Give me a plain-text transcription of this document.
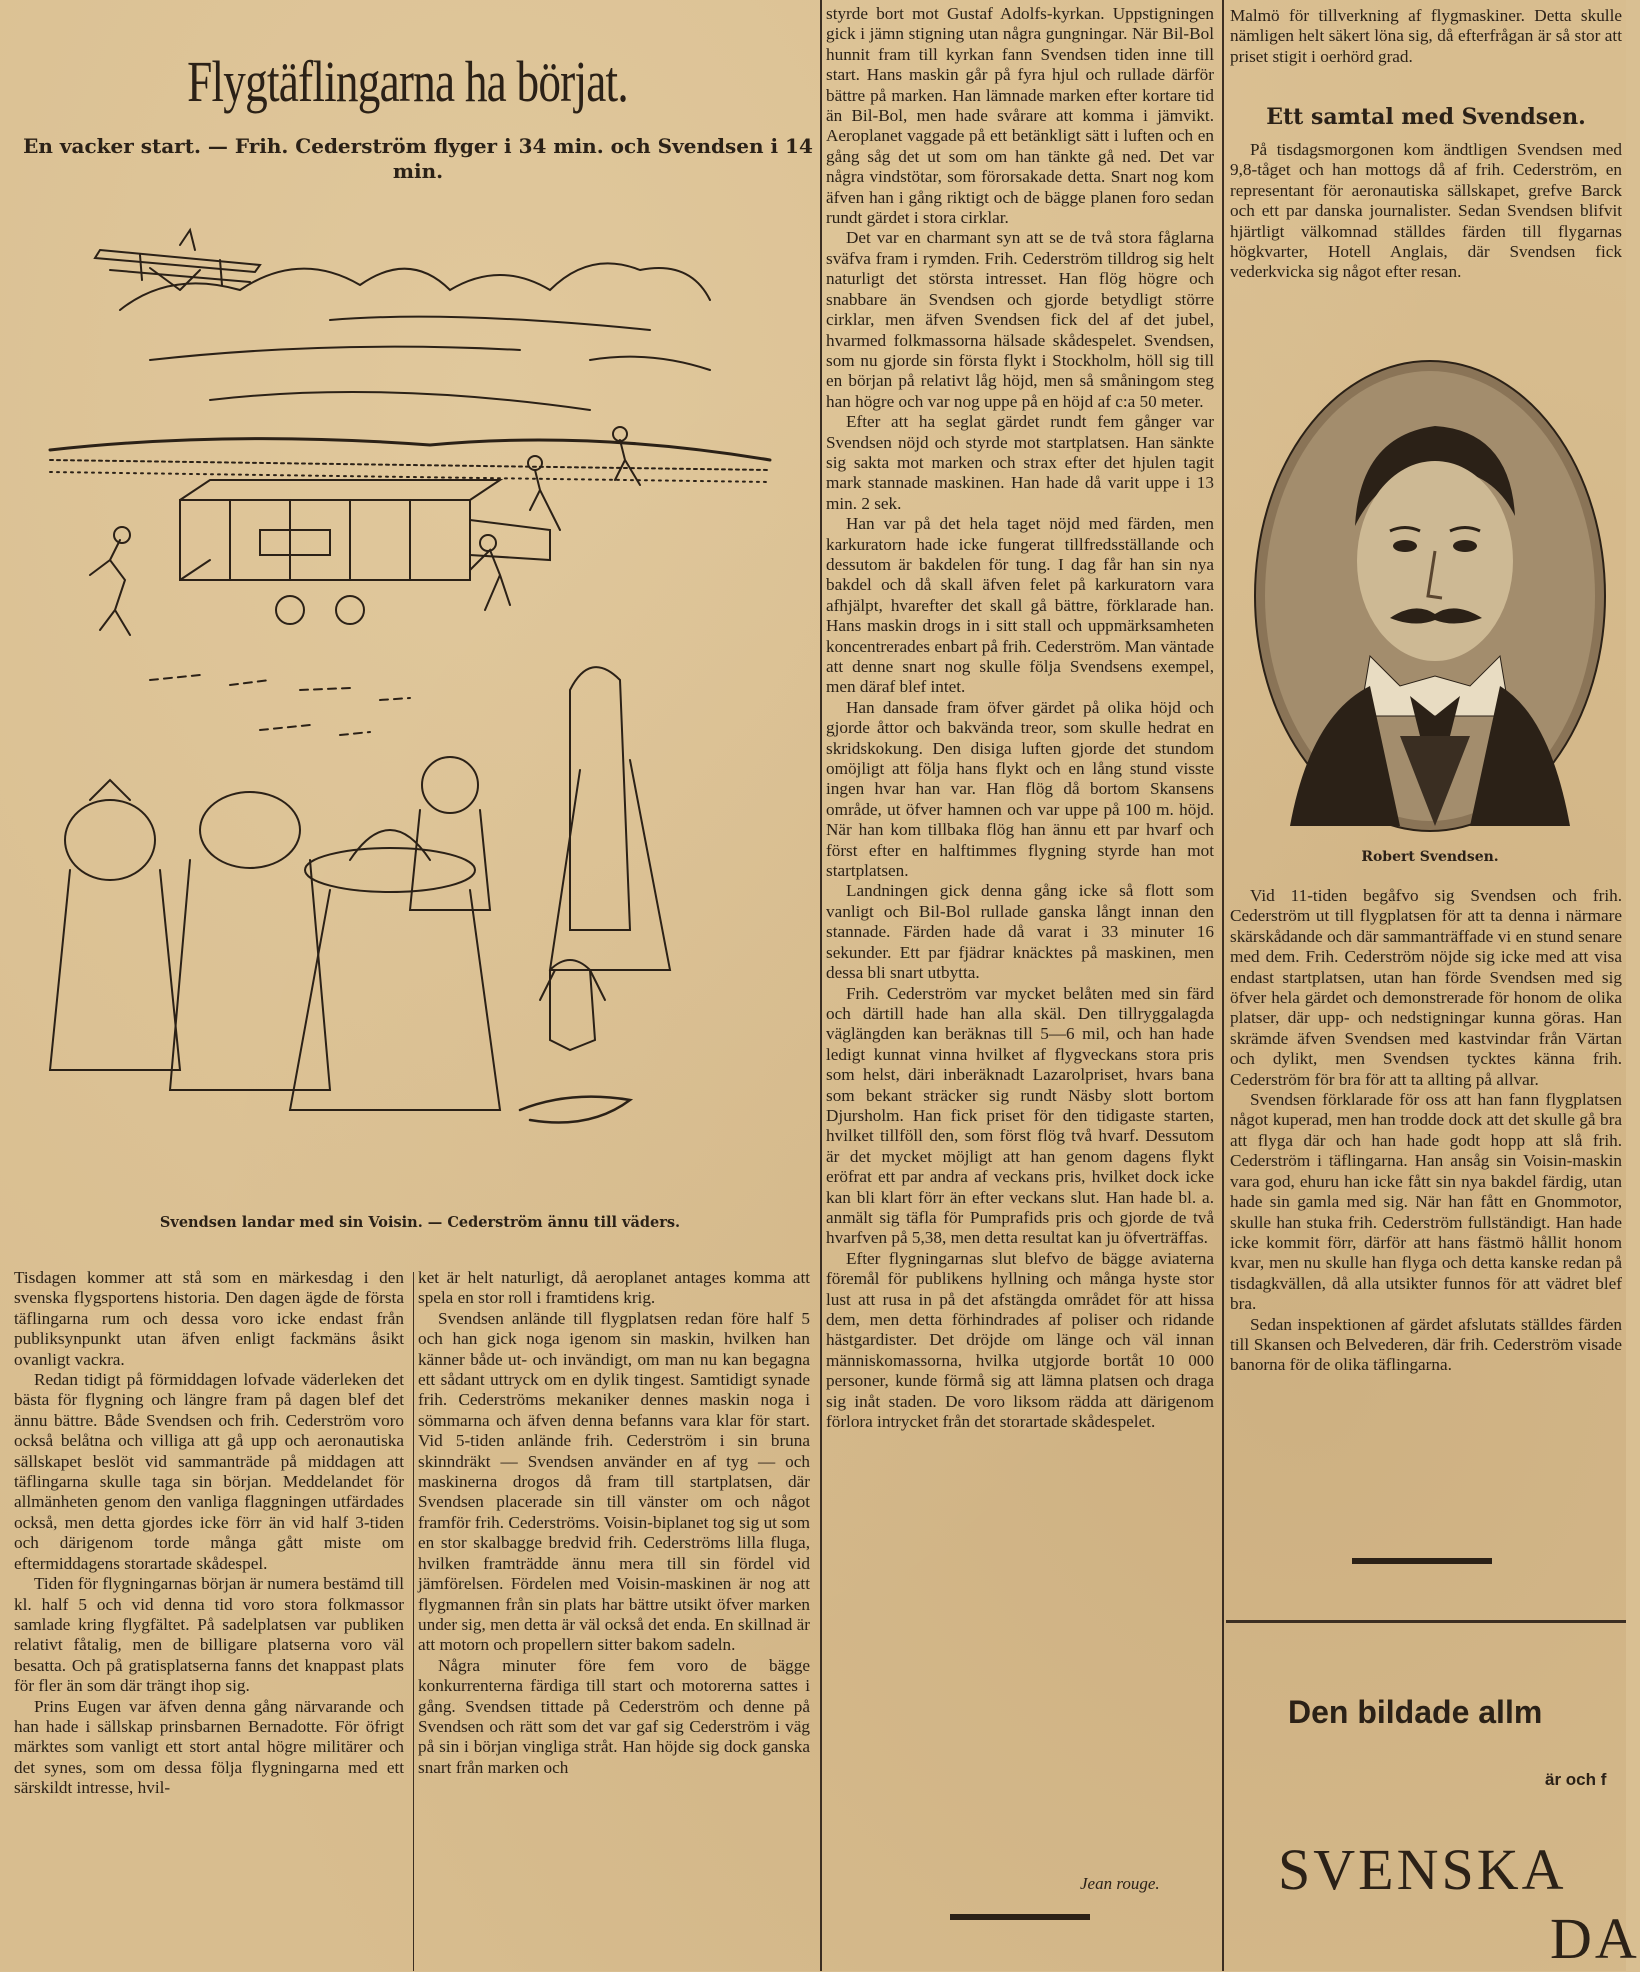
Flygtäflingarna ha börjat.
En vacker start. — Frih. Cederström flyger i 34 min. och Svendsen i 14 min.
Svendsen landar med sin Voisin. — Cederström ännu till väders.

Tisdagen kommer att stå som en märkesdag i den svenska flygsportens historia. Den dagen ägde de första täflingarna rum och dessa voro icke endast från publiksynpunkt utan äfven enligt fackmäns åsikt ovanligt vackra.

Redan tidigt på förmiddagen lofvade väderleken det bästa för flygning och längre fram på dagen blef det ännu bättre. Både Svendsen och frih. Cederström voro också belåtna och villiga att gå upp och aeronautiska sällskapet beslöt vid sammanträde på middagen att täflingarna skulle taga sin början. Meddelandet för allmänheten genom den vanliga flaggningen utfärdades också, men detta gjordes icke förr än vid half 3-tiden och därigenom torde många gått miste om eftermiddagens storartade skådespel.

Tiden för flygningarnas början är numera bestämd till kl. half 5 och vid denna tid voro stora folkmassor samlade kring flygfältet. På sadelplatsen var publiken relativt fåtalig, men de billigare platserna voro väl besatta. Och på gratisplatserna fanns det knappast plats för fler än som där trängt ihop sig.

Prins Eugen var äfven denna gång närvarande och han hade i sällskap prinsbarnen Bernadotte. För öfrigt märktes som vanligt ett stort antal högre militärer och det synes, som om dessa följa flygningarna med ett särskildt intresse, hvil-

ket är helt naturligt, då aeroplanet antages komma att spela en stor roll i framtidens krig.

Svendsen anlände till flygplatsen redan före half 5 och han gick noga igenom sin maskin, hvilken han känner både ut- och invändigt, om man nu kan begagna ett sådant uttryck om en dylik tingest. Samtidigt synade frih. Cederströms mekaniker dennes maskin noga i sömmarna och äfven denna befanns vara klar för start. Vid 5-tiden anlände frih. Cederström i sin bruna skinndräkt — Svendsen använder en af tyg — och maskinerna drogos då fram till startplatsen, där Svendsen placerade sin till vänster om och något framför frih. Cederströms. Voisin-biplanet tog sig ut som en stor skalbagge bredvid frih. Cederströms lilla fluga, hvilken framträdde ännu mera till sin fördel vid jämförelsen. Fördelen med Voisin-maskinen är nog att flygmannen från sin plats har bättre utsikt öfver marken under sig, men detta är väl också det enda. En skillnad är att motorn och propellern sitter bakom sadeln.

Några minuter före fem voro de bägge konkurrenterna färdiga till start och motorerna sattes i gång. Svendsen tittade på Cederström och denne på Svendsen och rätt som det var gaf sig Cederström i väg på sin i början vingliga stråt. Han höjde sig dock ganska snart från marken och

styrde bort mot Gustaf Adolfs-kyrkan. Uppstigningen gick i jämn stigning utan några gungningar. När Bil-Bol hunnit fram till kyrkan fann Svendsen tiden inne till start. Hans maskin går på fyra hjul och rullade därför bättre på marken. Han lämnade marken efter kortare tid än Bil-Bol, men hade svårare att komma i jämvikt. Aeroplanet vaggade på ett betänkligt sätt i luften och en gång såg det ut som om han tänkte gå ned. Det var några vindstötar, som förorsakade detta. Snart nog kom äfven han i gång riktigt och de bägge planen foro sedan rundt gärdet i stora cirklar.

Det var en charmant syn att se de två stora fåglarna sväfva fram i rymden. Frih. Cederström tilldrog sig helt naturligt det största intresset. Han flög högre och snabbare än Svendsen och gjorde betydligt större cirklar, men äfven Svendsen fick del af det jubel, hvarmed folkmassorna hälsade skådespelet. Svendsen, som nu gjorde sin första flykt i Stockholm, höll sig till en början på relativt låg höjd, men så småningom steg han högre och var nog uppe på en höjd af c:a 50 meter.

Efter att ha seglat gärdet rundt fem gånger var Svendsen nöjd och styrde mot startplatsen. Han sänkte sig sakta mot marken och strax efter det hjulen tagit mark stannade maskinen. Han hade då varit uppe i 13 min. 2 sek.

Han var på det hela taget nöjd med färden, men karkuratorn hade icke fungerat tillfredsställande och dessutom är bakdelen för tung. I dag får han sin nya bakdel och då skall äfven felet på karkuratorn vara afhjälpt, hvarefter det skall gå bättre, förklarade han. Hans maskin drogs in i sitt stall och uppmärksamheten koncentrerades enbart på frih. Cederström. Man väntade att denne snart nog skulle följa Svendsens exempel, men däraf blef intet.

Han dansade fram öfver gärdet på olika höjd och gjorde åttor och bakvända treor, som skulle hedrat en skridskokung. Den disiga luften gjorde det stundom omöjligt att följa hans flykt och en lång stund visste ingen hvar han var. Han flög då bortom Skansens område, ut öfver hamnen och var uppe på 100 m. höjd. När han kom tillbaka flög han ännu ett par hvarf och först efter en halftimmes flygning styrde han mot startplatsen.

Landningen gick denna gång icke så flott som vanligt och Bil-Bol rullade ganska långt innan den stannade. Färden hade då varat i 33 minuter 16 sekunder. Ett par fjädrar knäcktes på maskinen, men dessa bli snart utbytta.

Frih. Cederström var mycket belåten med sin färd och därtill hade han alla skäl. Den tillryggalagda väglängden kan beräknas till 5—6 mil, och han hade ledigt kunnat vinna hvilket af flygveckans stora pris som helst, däri inberäknadt Lazarolpriset, hvars bana som bekant sträcker sig rundt Näsby slott bortom Djursholm. Han fick priset för den tidigaste starten, hvilket tillföll den, som först flög två hvarf. Dessutom är det mycket möjligt att han genom dagens flykt eröfrat ett par andra af veckans pris, hvilket dock icke kan bli klart förr än efter veckans slut. Han hade bl. a. anmält sig täfla för Pumprafids pris och gjorde de två hvarfven på 5,38, men detta resultat kan ju öfverträffas.

Efter flygningarnas slut blefvo de bägge aviaterna föremål för publikens hyllning och många hyste stor lust att rusa in på det afstängda området för att hissa dem, men detta förhindrades af poliser och ridande hästgardister. Det dröjde om länge och väl innan människomassorna, hvilka utgjorde bortåt 10 000 personer, kunde förmå sig att lämna platsen och draga sig inåt staden. De voro liksom rädda att därigenom förlora intrycket från det storartade skådespelet.

Jean rouge.

Malmö för tillverkning af flygmaskiner. Detta skulle nämligen helt säkert löna sig, då efterfrågan är så stor att priset stigit i oerhörd grad.

Ett samtal med Svendsen.

På tisdagsmorgonen kom ändtligen Svendsen med 9,8-tåget och han mottogs då af frih. Cederström, en representant för aeronautiska sällskapet, grefve Barck och ett par danska journalister. Sedan Svendsen blifvit hjärtligt välkomnad ställdes färden till flygarnas högkvarter, Hotell Anglais, där Svendsen fick vederkvicka sig något efter resan.

Robert Svendsen.

Vid 11-tiden begåfvo sig Svendsen och frih. Cederström ut till flygplatsen för att ta denna i närmare skärskådande och där sammanträffade vi en stund senare med dem. Frih. Cederström nöjde sig icke med att visa endast startplatsen, utan han förde Svendsen med sig öfver hela gärdet och demonstrerade för honom de olika platser, där upp- och nedstigningar kunna göras. Han skrämde äfven Svendsen med kastvindar från Värtan och dylikt, men Svendsen tycktes känna frih. Cederström för bra för att ta allting på allvar.

Svendsen förklarade för oss att han fann flygplatsen något kuperad, men han trodde dock att det skulle gå bra att flyga där och han hade godt hopp att slå frih. Cederström i täflingarna. Han ansåg sin Voisin-maskin vara god, ehuru han icke fått sin nya bakdel färdig, utan hade sin gamla med sig. När han fått en Gnommotor, skulle han stuka frih. Cederström fullständigt. Han hade icke kommit förr, därför att hans fästmö hållit honom kvar, men nu skulle han flyga och detta kanske redan på tisdagkvällen, då alla utsikter funnos för att vädret blef bra.

Sedan inspektionen af gärdet afslutats ställdes färden till Skansen och Belvederen, där frih. Cederström visade banorna för de olika täflingarna.

Den bildade allm
är och f
SVENSKA
DA
